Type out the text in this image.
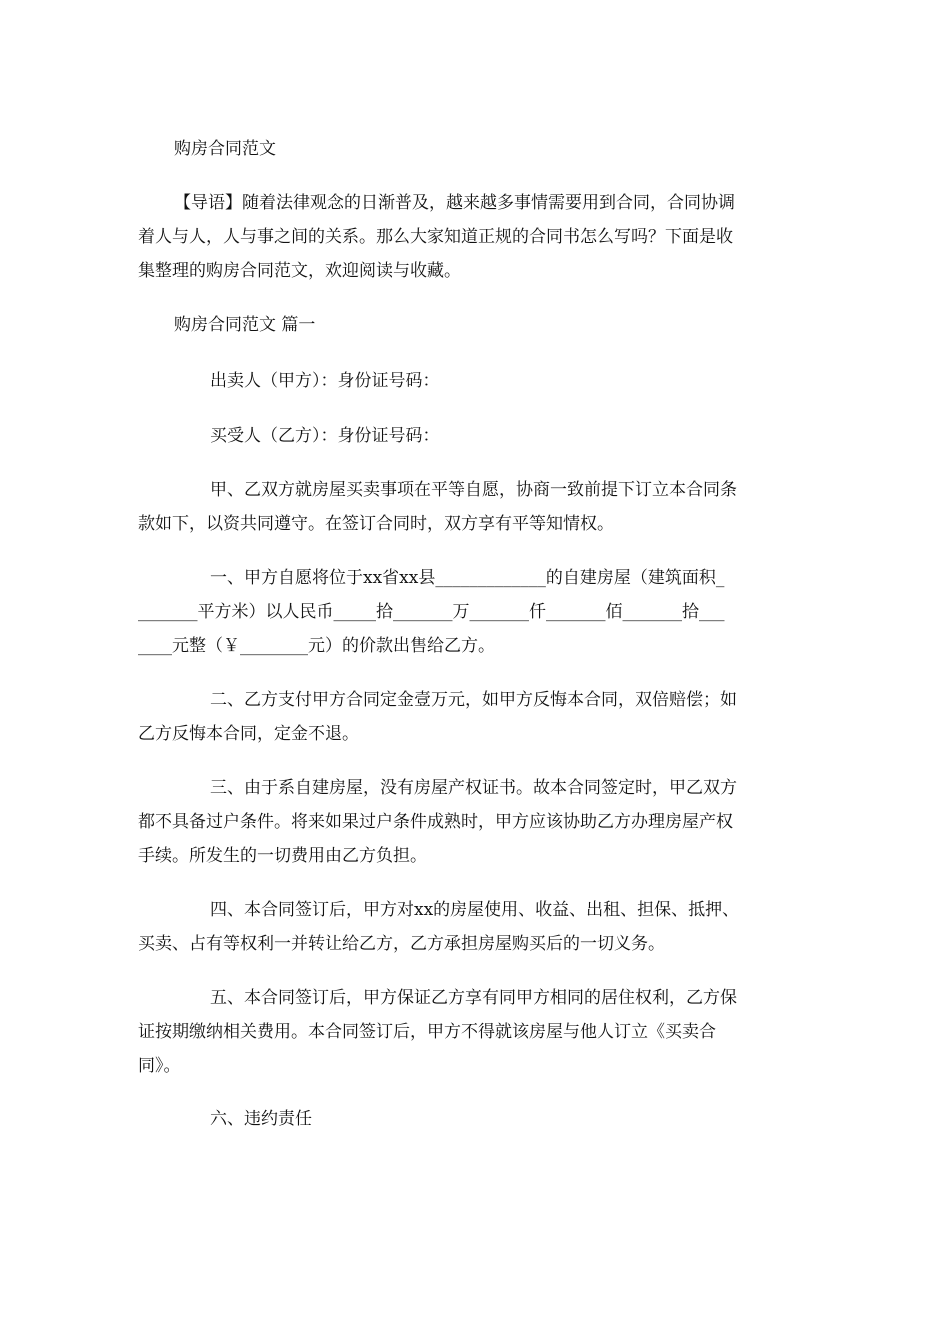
购房合同范文

【导语】随着法律观念的日渐普及，越来越多事情需要用到合同，合同协调
着人与人，人与事之间的关系。那么大家知道正规的合同书怎么写吗？下面是收
集整理的购房合同范文，欢迎阅读与收藏。

购房合同范文 篇一

出卖人（甲方）：身份证号码：

买受人（乙方）：身份证号码：

甲、乙双方就房屋买卖事项在平等自愿，协商一致前提下订立本合同条
款如下，以资共同遵守。在签订合同时，双方享有平等知情权。

一、甲方自愿将位于xx省xx县_____________的自建房屋（建筑面积_
_______平方米）以人民币_____拾_______万_______仟_______佰_______拾___
____元整（￥________元）的价款出售给乙方。

二、乙方支付甲方合同定金壹万元，如甲方反悔本合同，双倍赔偿；如
乙方反悔本合同，定金不退。

三、由于系自建房屋，没有房屋产权证书。故本合同签定时，甲乙双方
都不具备过户条件。将来如果过户条件成熟时，甲方应该协助乙方办理房屋产权
手续。所发生的一切费用由乙方负担。

四、本合同签订后，甲方对xx的房屋使用、收益、出租、担保、抵押、
买卖、占有等权利一并转让给乙方，乙方承担房屋购买后的一切义务。

五、本合同签订后，甲方保证乙方享有同甲方相同的居住权利，乙方保
证按期缴纳相关费用。本合同签订后，甲方不得就该房屋与他人订立《买卖合
同》。

六、违约责任
